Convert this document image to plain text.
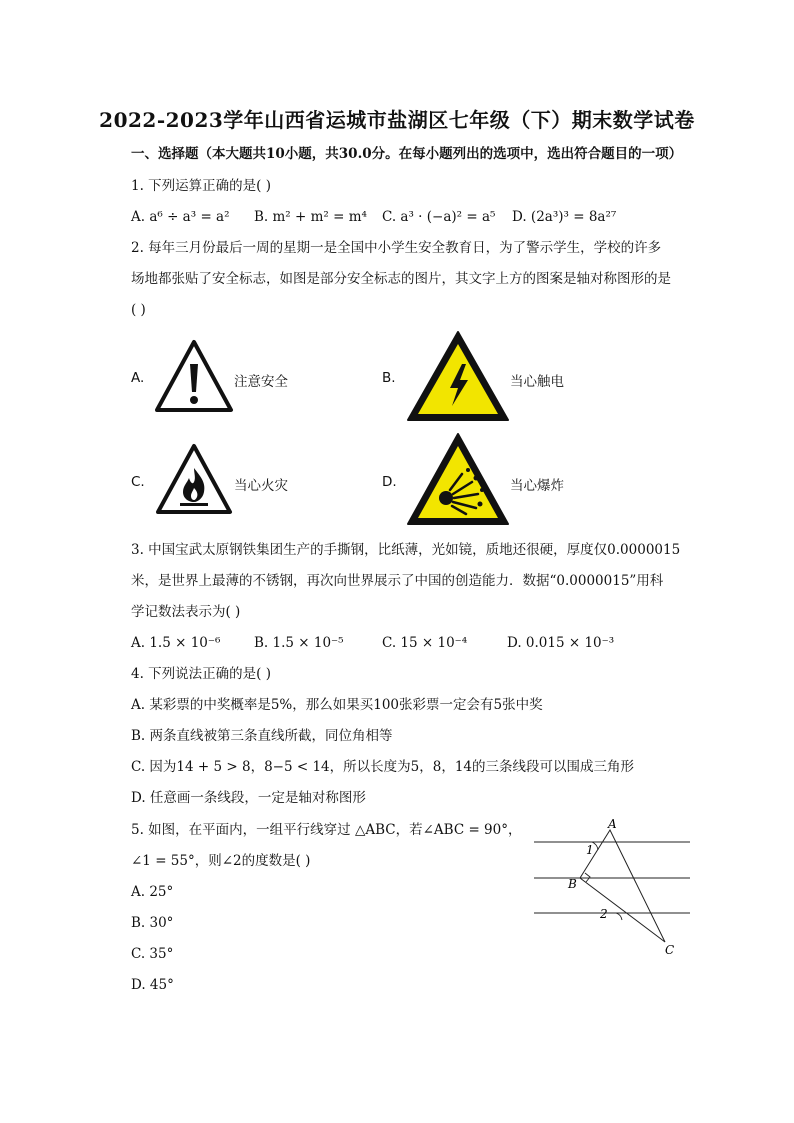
2022-2023学年山西省运城市盐湖区七年级（下）期末数学试卷
一、选择题（本大题共10小题，共30.0分。在每小题列出的选项中，选出符合题目的一项）
1. 下列运算正确的是( )
A. a⁶ ÷ a³ = a² B. m² + m² = m⁴ C. a³ · (−a)² = a⁵ D. (2a³)³ = 8a²⁷
2. 每年三月份最后一周的星期一是全国中小学生安全教育日，为了警示学生，学校的许多
场地都张贴了安全标志，如图是部分安全标志的图片，其文字上方的图案是轴对称图形的是
( )
A.	注意安全	B.	当心触电
C.	当心火灾	D.	当心爆炸
3. 中国宝武太原钢铁集团生产的手撕钢，比纸薄，光如镜，质地还很硬，厚度仅0.0000015
米，是世界上最薄的不锈钢，再次向世界展示了中国的创造能力．数据“0.0000015”用科
学记数法表示为( )
A. 1.5 × 10⁻⁶ B. 1.5 × 10⁻⁵	C. 15 × 10⁻⁴	D. 0.015 × 10⁻³
4. 下列说法正确的是( )
A. 某彩票的中奖概率是5%，那么如果买100张彩票一定会有5张中奖
B. 两条直线被第三条直线所截，同位角相等
C. 因为14 + 5 > 8，8−5 < 14，所以长度为5，8，14的三条线段可以围成三角形
D. 任意画一条线段，一定是轴对称图形
5. 如图，在平面内，一组平行线穿过 △ABC，若∠ABC = 90°，
∠1 = 55°，则∠2的度数是( )
A. 25°
B. 30°
C. 35°
D. 45°
A
B
C
1
2
